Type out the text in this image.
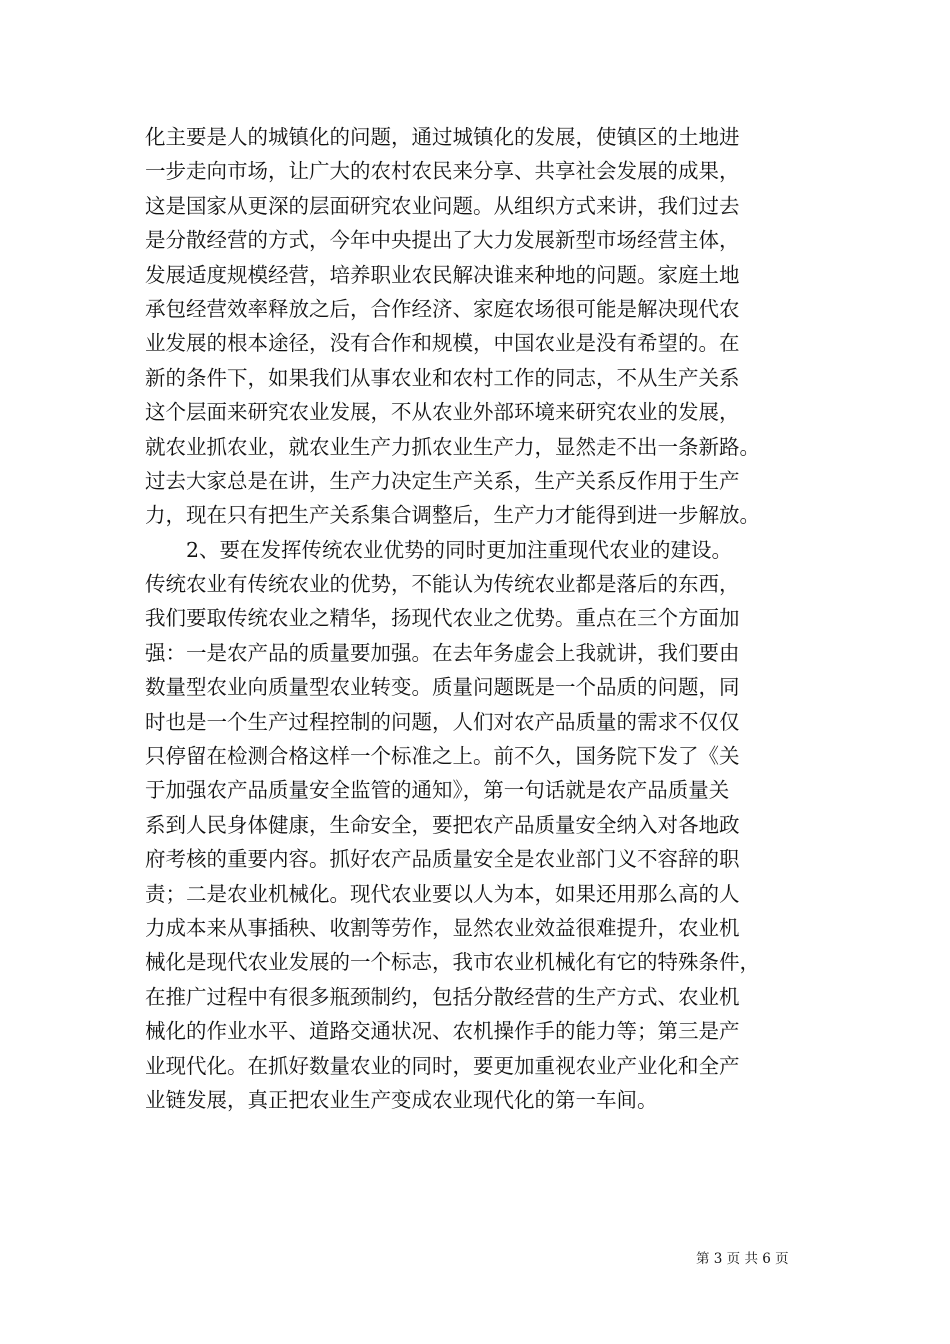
化主要是人的城镇化的问题，通过城镇化的发展，使镇区的土地进
一步走向市场，让广大的农村农民来分享、共享社会发展的成果，
这是国家从更深的层面研究农业问题。从组织方式来讲，我们过去
是分散经营的方式，今年中央提出了大力发展新型市场经营主体，
发展适度规模经营，培养职业农民解决谁来种地的问题。家庭土地
承包经营效率释放之后，合作经济、家庭农场很可能是解决现代农
业发展的根本途径，没有合作和规模，中国农业是没有希望的。在
新的条件下，如果我们从事农业和农村工作的同志，不从生产关系
这个层面来研究农业发展，不从农业外部环境来研究农业的发展，
就农业抓农业，就农业生产力抓农业生产力，显然走不出一条新路。
过去大家总是在讲，生产力决定生产关系，生产关系反作用于生产
力，现在只有把生产关系集合调整后，生产力才能得到进一步解放。
2、要在发挥传统农业优势的同时更加注重现代农业的建设。
传统农业有传统农业的优势，不能认为传统农业都是落后的东西，
我们要取传统农业之精华，扬现代农业之优势。重点在三个方面加
强：一是农产品的质量要加强。在去年务虚会上我就讲，我们要由
数量型农业向质量型农业转变。质量问题既是一个品质的问题，同
时也是一个生产过程控制的问题，人们对农产品质量的需求不仅仅
只停留在检测合格这样一个标准之上。前不久，国务院下发了《关
于加强农产品质量安全监管的通知》，第一句话就是农产品质量关
系到人民身体健康，生命安全，要把农产品质量安全纳入对各地政
府考核的重要内容。抓好农产品质量安全是农业部门义不容辞的职
责；二是农业机械化。现代农业要以人为本，如果还用那么高的人
力成本来从事插秧、收割等劳作，显然农业效益很难提升，农业机
械化是现代农业发展的一个标志，我市农业机械化有它的特殊条件，
在推广过程中有很多瓶颈制约，包括分散经营的生产方式、农业机
械化的作业水平、道路交通状况、农机操作手的能力等；第三是产
业现代化。在抓好数量农业的同时，要更加重视农业产业化和全产
业链发展，真正把农业生产变成农业现代化的第一车间。
第 3 页 共 6 页
